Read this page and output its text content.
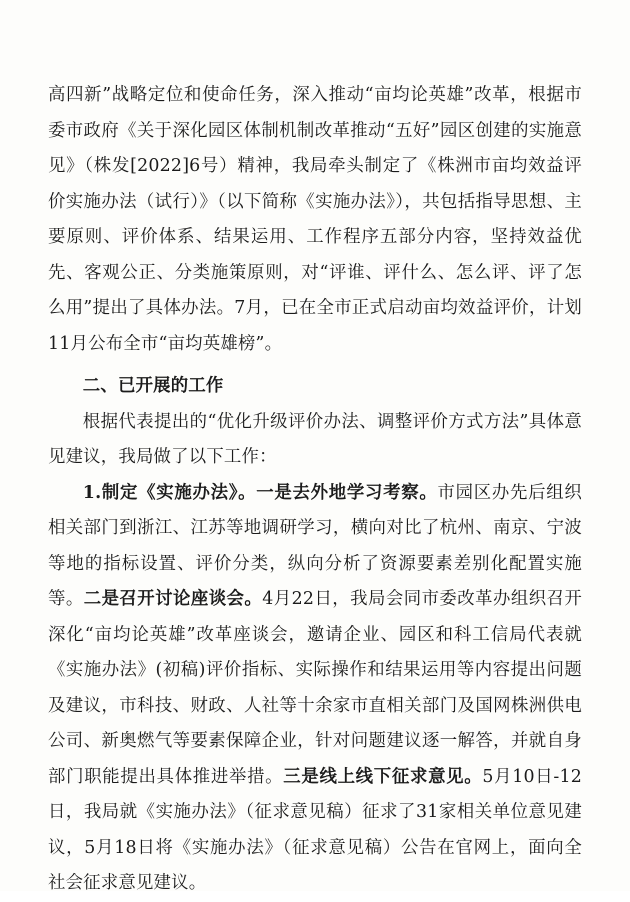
高四新”战略定位和使命任务，深入推动“亩均论英雄”改革，根据市委市政府《关于深化园区体制机制改革推动“五好”园区创建的实施意见》（株发[2022]6号）精神，我局牵头制定了《株洲市亩均效益评价实施办法（试行）》（以下简称《实施办法》），共包括指导思想、主要原则、评价体系、结果运用、工作程序五部分内容，坚持效益优先、客观公正、分类施策原则，对“评谁、评什么、怎么评、评了怎么用”提出了具体办法。7月，已在全市正式启动亩均效益评价，计划11月公布全市“亩均英雄榜”。

二、已开展的工作

根据代表提出的“优化升级评价办法、调整评价方式方法”具体意见建议，我局做了以下工作：

1.制定《实施办法》。一是去外地学习考察。市园区办先后组织相关部门到浙江、江苏等地调研学习，横向对比了杭州、南京、宁波等地的指标设置、评价分类，纵向分析了资源要素差别化配置实施等。二是召开讨论座谈会。4月22日，我局会同市委改革办组织召开深化“亩均论英雄”改革座谈会，邀请企业、园区和科工信局代表就《实施办法》(初稿)评价指标、实际操作和结果运用等内容提出问题及建议，市科技、财政、人社等十余家市直相关部门及国网株洲供电公司、新奥燃气等要素保障企业，针对问题建议逐一解答，并就自身部门职能提出具体推进举措。三是线上线下征求意见。5月10日-12日，我局就《实施办法》（征求意见稿）征求了31家相关单位意见建议，5月18日将《实施办法》（征求意见稿）公告在官网上，面向全社会征求意见建议。
